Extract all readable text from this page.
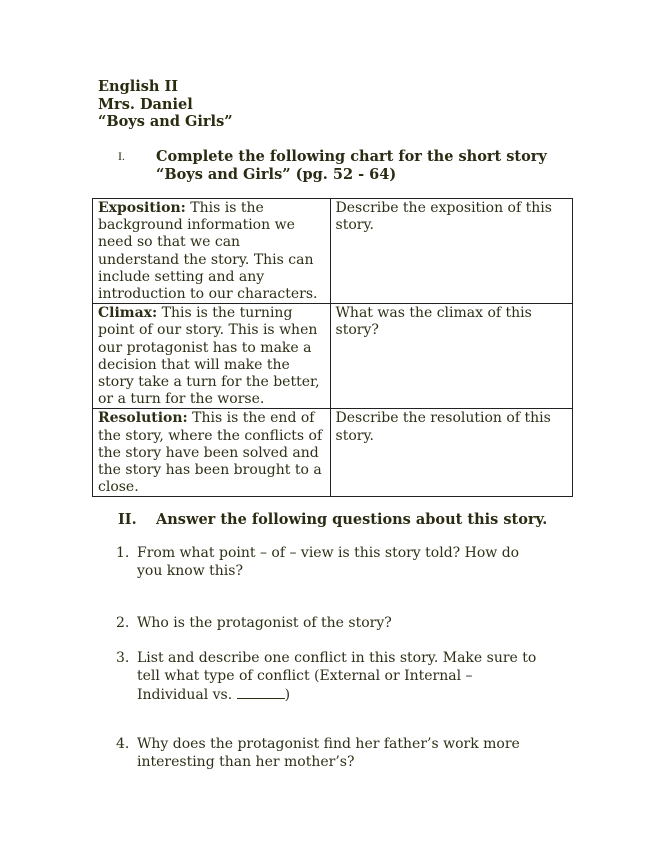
English II
Mrs. Daniel
“Boys and Girls”
I. Complete the following chart for the short story
“Boys and Girls” (pg. 52 - 64)
Exposition: This is the background information we need so that we can understand the story. This can include setting and any introduction to our characters.	Describe the exposition of this story.
Climax: This is the turning point of our story. This is when our protagonist has to make a decision that will make the story take a turn for the better, or a turn for the worse.	What was the climax of this story?
Resolution: This is the end of the story, where the conflicts of the story have been solved and the story has been brought to a close.	Describe the resolution of this story.
II. Answer the following questions about this story.
1. From what point – of – view is this story told? How do you know this?
2. Who is the protagonist of the story?
3. List and describe one conflict in this story. Make sure to tell what type of conflict (External or Internal – Individual vs.	)
4. Why does the protagonist find her father’s work more interesting than her mother’s?
